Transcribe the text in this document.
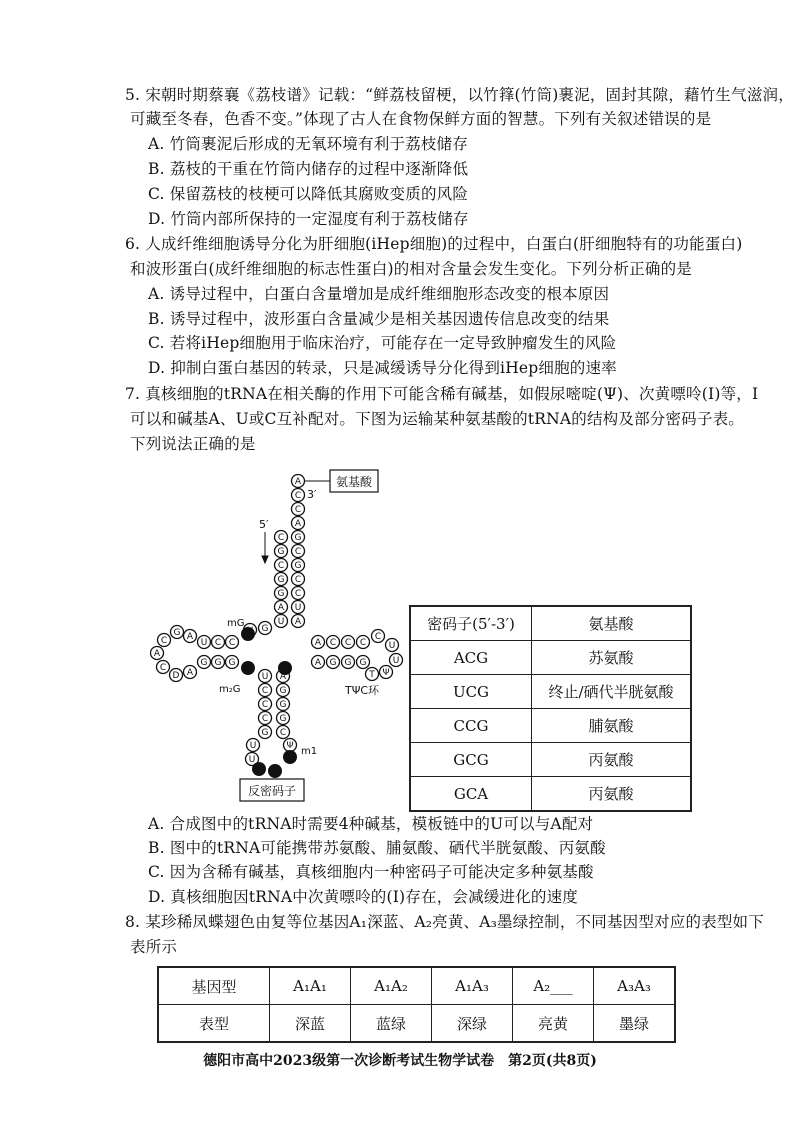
5. 宋朝时期蔡襄《荔枝谱》记载：“鲜荔枝留梗，以竹箨(竹筒)裹泥，固封其隙，藉竹生气滋润，
可藏至冬春，色香不变。”体现了古人在食物保鲜方面的智慧。下列有关叙述错误的是
A. 竹筒裹泥后形成的无氧环境有利于荔枝储存
B. 荔枝的干重在竹筒内储存的过程中逐渐降低
C. 保留荔枝的枝梗可以降低其腐败变质的风险
D. 竹筒内部所保持的一定湿度有利于荔枝储存
6. 人成纤维细胞诱导分化为肝细胞(iHep细胞)的过程中，白蛋白(肝细胞特有的功能蛋白)
和波形蛋白(成纤维细胞的标志性蛋白)的相对含量会发生变化。下列分析正确的是
A. 诱导过程中，白蛋白含量增加是成纤维细胞形态改变的根本原因
B. 诱导过程中，波形蛋白含量减少是相关基因遗传信息改变的结果
C. 若将iHep细胞用于临床治疗，可能存在一定导致肿瘤发生的风险
D. 抑制白蛋白基因的转录，只是减缓诱导分化得到iHep细胞的速率
7. 真核细胞的tRNA在相关酶的作用下可能含稀有碱基，如假尿嘧啶(Ψ)、次黄嘌呤(I)等，I
可以和碱基A、U或C互补配对。下图为运输某种氨基酸的tRNA的结构及部分密码子表。
下列说法正确的是
A
C
C
A
C G
G C
C G
G C
G C
A U
U A
G
U
C
C
U
G
G
G
A
G
C
A
C
D A
A C C C
A G G G
C
U
U
Ψ
T
U A
C G
C G
C G
G C
U	Ψ
U
氨基酸
3′
5′
mG
m₂G	TΨC环
m1
反密码子
密码子(5′-3′)	氨基酸
ACG	苏氨酸
UCG	终止/硒代半胱氨酸
CCG	脯氨酸
GCG	丙氨酸
GCA	丙氨酸
A. 合成图中的tRNA时需要4种碱基，模板链中的U可以与A配对
B. 图中的tRNA可能携带苏氨酸、脯氨酸、硒代半胱氨酸、丙氨酸
C. 因为含稀有碱基，真核细胞内一种密码子可能决定多种氨基酸
D. 真核细胞因tRNA中次黄嘌呤的(I)存在，会减缓进化的速度
8. 某珍稀凤蝶翅色由复等位基因A₁深蓝、A₂亮黄、A₃墨绿控制，不同基因型对应的表型如下
表所示
基因型	A₁A₁	A₁A₂	A₁A₃	A₂___	A₃A₃
表型	深蓝	蓝绿	深绿	亮黄	墨绿
德阳市高中2023级第一次诊断考试生物学试卷　第2页(共8页)
